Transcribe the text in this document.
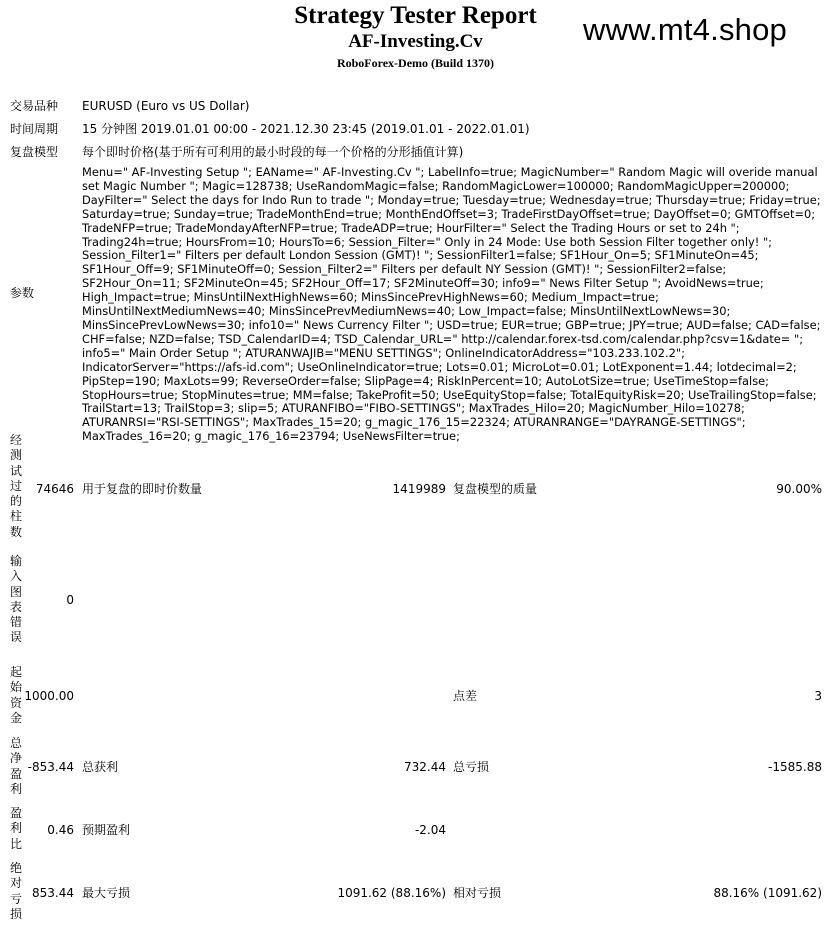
Strategy Tester Report
AF-Investing.Cv
RoboForex-Demo (Build 1370)
www.mt4.shop
交易品种 EURUSD (Euro vs US Dollar)
时间周期 15 分钟图 2019.01.01 00:00 - 2021.12.30 23:45 (2019.01.01 - 2022.01.01)
复盘模型 每个即时价格(基于所有可利用的最小时段的每一个价格的分形插值计算)
参数
Menu=" AF-Investing Setup "; EAName=" AF-Investing.Cv "; LabelInfo=true; MagicNumber=" Random Magic will overide manual set Magic Number "; Magic=128738; UseRandomMagic=false; RandomMagicLower=100000; RandomMagicUpper=200000; DayFilter=" Select the days for Indo Run to trade "; Monday=true; Tuesday=true; Wednesday=true; Thursday=true; Friday=true; Saturday=true; Sunday=true; TradeMonthEnd=true; MonthEndOffset=3; TradeFirstDayOffset=true; DayOffset=0; GMTOffset=0; TradeNFP=true; TradeMondayAfterNFP=true; TradeADP=true; HourFilter=" Select the Trading Hours or set to 24h "; Trading24h=true; HoursFrom=10; HoursTo=6; Session_Filter=" Only in 24 Mode: Use both Session Filter together only! "; Session_Filter1=" Filters per default London Session (GMT)! "; SessionFilter1=false; SF1Hour_On=5; SF1MinuteOn=45; SF1Hour_Off=9; SF1MinuteOff=0; Session_Filter2=" Filters per default NY Session (GMT)! "; SessionFilter2=false; SF2Hour_On=11; SF2MinuteOn=45; SF2Hour_Off=17; SF2MinuteOff=30; info9=" News Filter Setup "; AvoidNews=true; High_Impact=true; MinsUntilNextHighNews=60; MinsSincePrevHighNews=60; Medium_Impact=true; MinsUntilNextMediumNews=40; MinsSincePrevMediumNews=40; Low_Impact=false; MinsUntilNextLowNews=30; MinsSincePrevLowNews=30; info10=" News Currency Filter "; USD=true; EUR=true; GBP=true; JPY=true; AUD=false; CAD=false; CHF=false; NZD=false; TSD_CalendarID=4; TSD_Calendar_URL=" http://calendar.forex-tsd.com/calendar.php?csv=1&date= "; info5=" Main Order Setup "; ATURANWAJIB="MENU SETTINGS"; OnlineIndicatorAddress="103.233.102.2"; IndicatorServer="https://afs-id.com"; UseOnlineIndicator=true; Lots=0.01; MicroLot=0.01; LotExponent=1.44; lotdecimal=2; PipStep=190; MaxLots=99; ReverseOrder=false; SlipPage=4; RiskInPercent=10; AutoLotSize=true; UseTimeStop=false; StopHours=true; StopMinutes=true; MM=false; TakeProfit=50; UseEquityStop=false; TotalEquityRisk=20; UseTrailingStop=false; TrailStart=13; TrailStop=3; slip=5; ATURANFIBO="FIBO-SETTINGS"; MaxTrades_Hilo=20; MagicNumber_Hilo=10278; ATURANRSI="RSI-SETTINGS"; MaxTrades_15=20; g_magic_176_15=22324; ATURANRANGE="DAYRANGE-SETTINGS"; MaxTrades_16=20; g_magic_176_16=23794; UseNewsFilter=true;
经测试过的柱数
74646 用于复盘的即时价数量	1419989 复盘模型的质量	90.00%
输入图表错误
0
起始资金
1000.00	点差	3
总净盈利
-853.44 总获利	732.44 总亏损	-1585.88
盈利比
0.46 预期盈利	-2.04
绝对亏损
853.44 最大亏损	1091.62 (88.16%) 相对亏损	88.16% (1091.62)
